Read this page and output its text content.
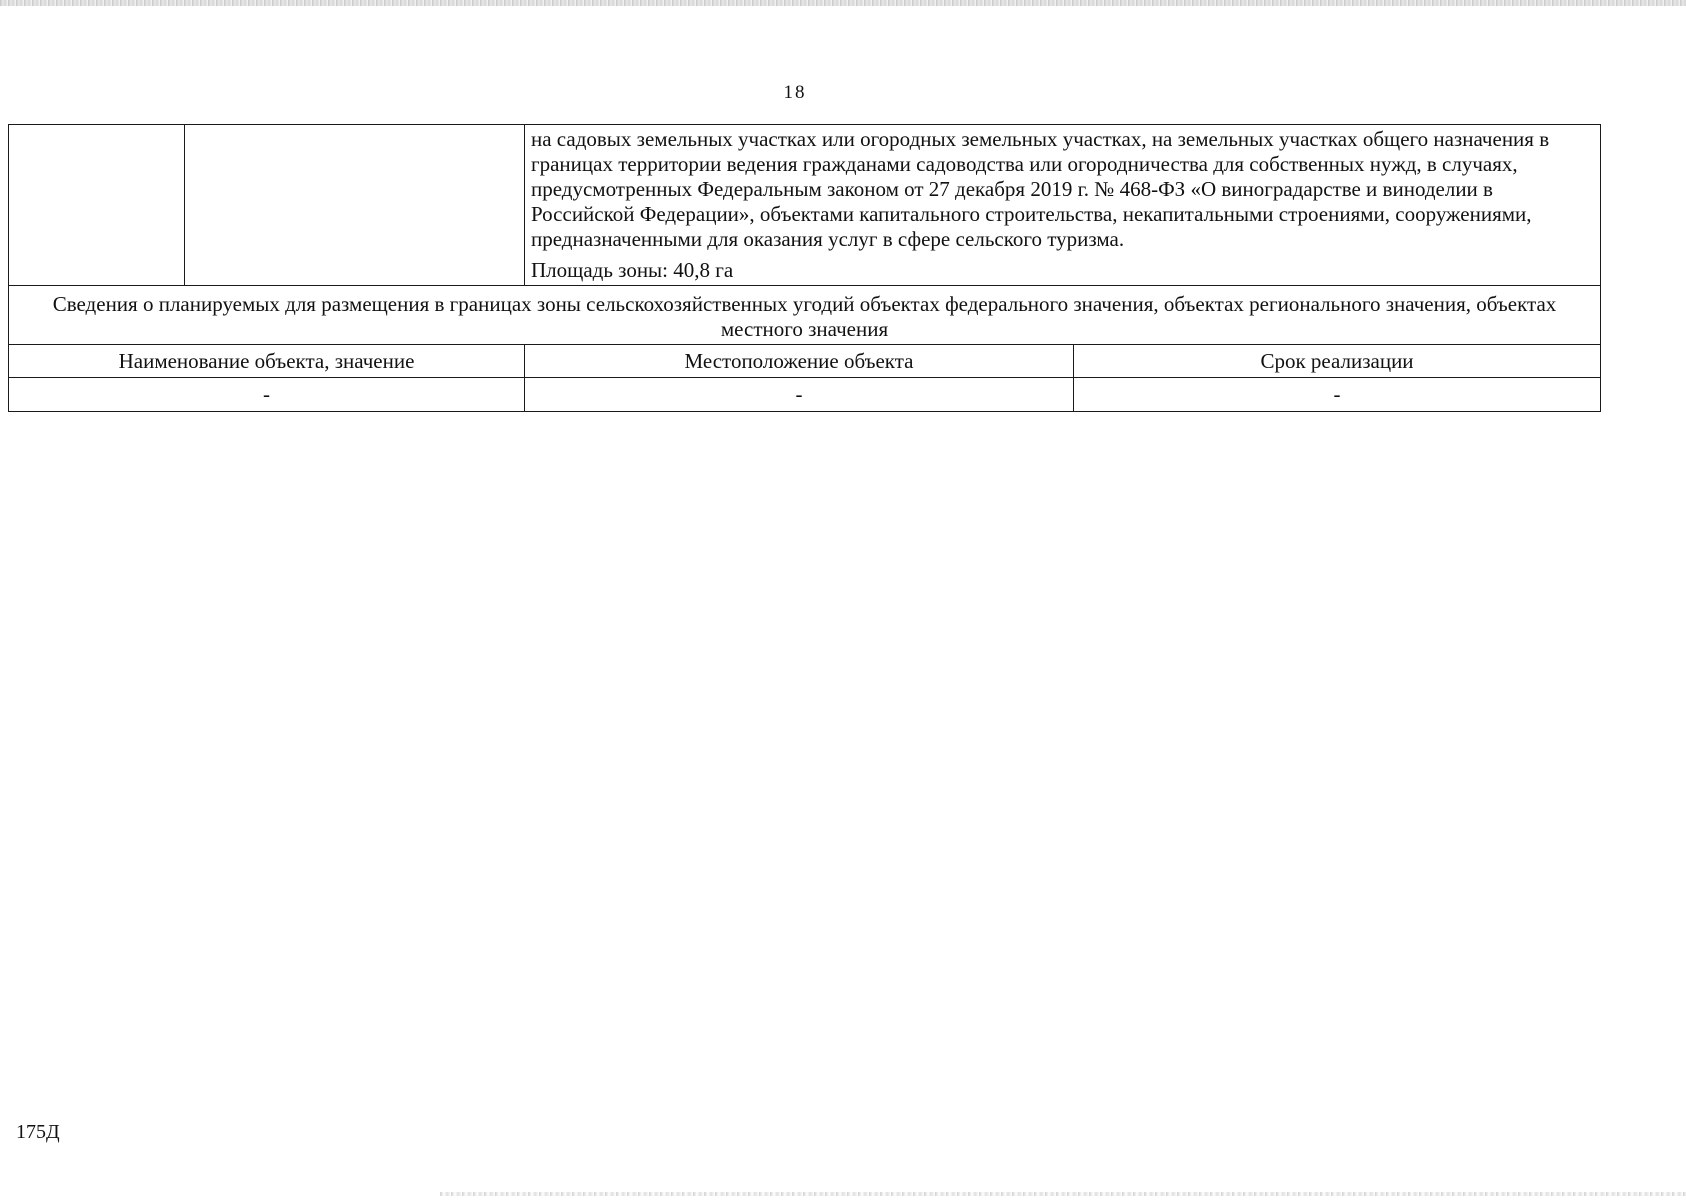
18

		на садовых земельных участках или огородных земельных участках, на земельных участках общего назначения в границах территории ведения гражданами садоводства или огородничества для собственных нужд, в случаях, предусмотренных Федеральным законом от 27 декабря 2019 г. № 468-ФЗ «О виноградарстве и виноделии в Российской Федерации», объектами капитального строительства, некапитальными строениями, сооружениями, предназначенными для оказания услуг в сфере сельского туризма.
Площадь зоны: 40,8 га	

Сведения о планируемых для размещения в границах зоны сельскохозяйственных угодий объектах федерального значения, объектах регионального значения, объектах местного значения			
Наименование объекта, значение		Местоположение объекта	Срок реализации
-		-	-
175Д
